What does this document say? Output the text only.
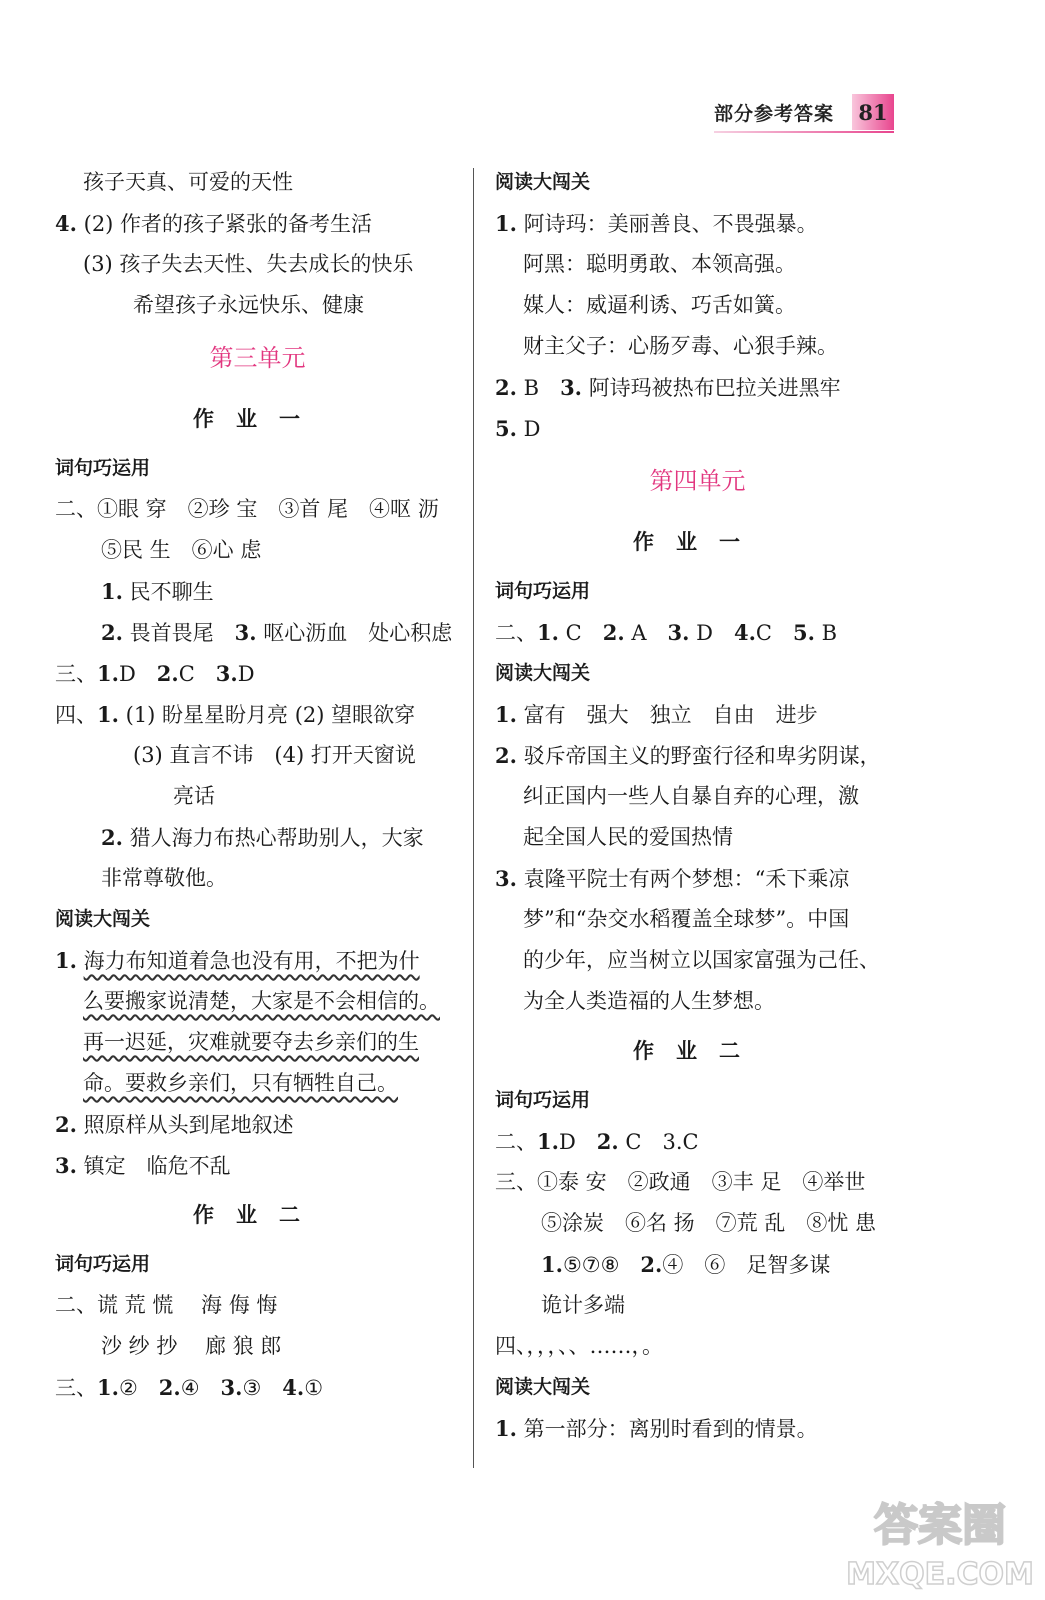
部分参考答案	81
孩子天真、可爱的天性
4. (2) 作者的孩子紧张的备考生活
(3) 孩子失去天性、失去成长的快乐
希望孩子永远快乐、健康
第三单元
作业一
词句巧运用
二、①眼 穿　②珍 宝　③首 尾　④呕 沥
⑤民 生　⑥心 虑
1. 民不聊生
2. 畏首畏尾　3. 呕心沥血　处心积虑
三、1.D　2.C　3.D
四、1. (1) 盼星星盼月亮 (2) 望眼欲穿
(3) 直言不讳　(4) 打开天窗说
亮话
2. 猎人海力布热心帮助别人，大家
非常尊敬他。
阅读大闯关
1. 海力布知道着急也没有用，不把为什
么要搬家说清楚，大家是不会相信的。
再一迟延，灾难就要夺去乡亲们的生
命。要救乡亲们，只有牺牲自己。
2. 照原样从头到尾地叙述
3. 镇定　临危不乱
作业二
词句巧运用
二、谎 荒 慌　 海 侮 悔
沙 纱 抄　 廊 狼 郎
三、1.②　2.④　3.③　4.①
阅读大闯关
1. 阿诗玛：美丽善良、不畏强暴。
阿黑：聪明勇敢、本领高强。
媒人：威逼利诱、巧舌如簧。
财主父子：心肠歹毒、心狠手辣。
2. B　3. 阿诗玛被热布巴拉关进黑牢
5. D
第四单元
作业一
词句巧运用
二、1. C　2. A　3. D　4.C　5. B
阅读大闯关
1. 富有　强大　独立　自由　进步
2. 驳斥帝国主义的野蛮行径和卑劣阴谋，
纠正国内一些人自暴自弃的心理，激
起全国人民的爱国热情
3. 袁隆平院士有两个梦想：“禾下乘凉
梦”和“杂交水稻覆盖全球梦”。中国
的少年，应当树立以国家富强为己任、
为全人类造福的人生梦想。
作业二
词句巧运用
二、1.D　2. C　3.C
三、①泰 安　②政通　③丰 足　④举世
⑤涂炭　⑥名 扬　⑦荒 乱　⑧忧 患
1.⑤⑦⑧　2.④　⑥　足智多谋
诡计多端
四、，，，、、……，。
阅读大闯关
1. 第一部分：离别时看到的情景。
答案圈
MXQE.COM
